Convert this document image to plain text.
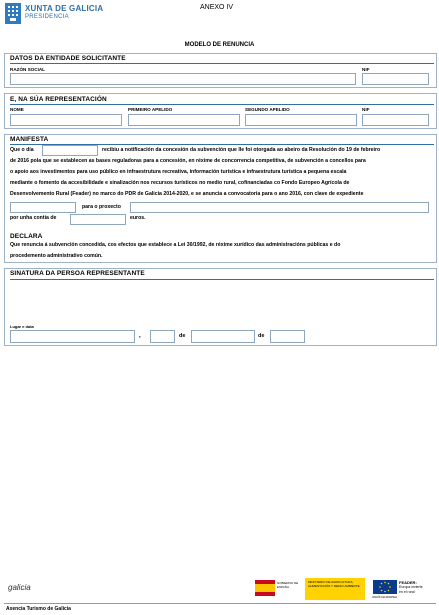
XUNTA DE GALICIA
PRESIDENCIA
ANEXO IV
MODELO DE RENUNCIA
DATOS DA ENTIDADE SOLICITANTE
RAZÓN SOCIAL	NIF
E, NA SÚA REPRESENTACIÓN
NOME	PRIMEIRO APELIDO	SEGUNDO APELIDO	NIF
MANIFESTA
Que o día	recibiu a notificación da concesión da subvención que lle foi otorgada ao abeiro da Resolución do 19 de febreiro
de 2016 pola que se establecen as bases reguladoras para a concesión, en réxime de concorrencia competitiva, de subvención a concellos para
o apoio aos investimentos para uso público en infraestrutura recreativa, información turística e infraestrutura turística a pequena escala
mediante o fomento da accesibilidade e sinalización nos recursos turísticos no medio rural, cofinanciadas co Fondo Europeo Agrícola de
Desenvolvemento Rural (Feader) no marco do PDR de Galicia 2014-2020, e se anuncia a convocatoria para o ano 2016, con clave de expediente
para o proxecto
por unha contía de	euros.
DECLARA
Que renuncia á subvención concedida, cos efectos que establece a Lei 30/1992, de réxime xurídico das administracións públicas e do
procedemento administrativo común.
SINATURA DA PERSOA REPRESENTANTE
Lugar e data
,	de	de
galicia	GOBIERNO DE ESPAÑA
MINISTERIO DE AGRICULTURA, ALIMENTACIÓN Y MEDIO AMBIENTE
UNIÓN EUROPEA
FEADER:
Europa invierte
en el rural
Axencia Turismo de Galicia
